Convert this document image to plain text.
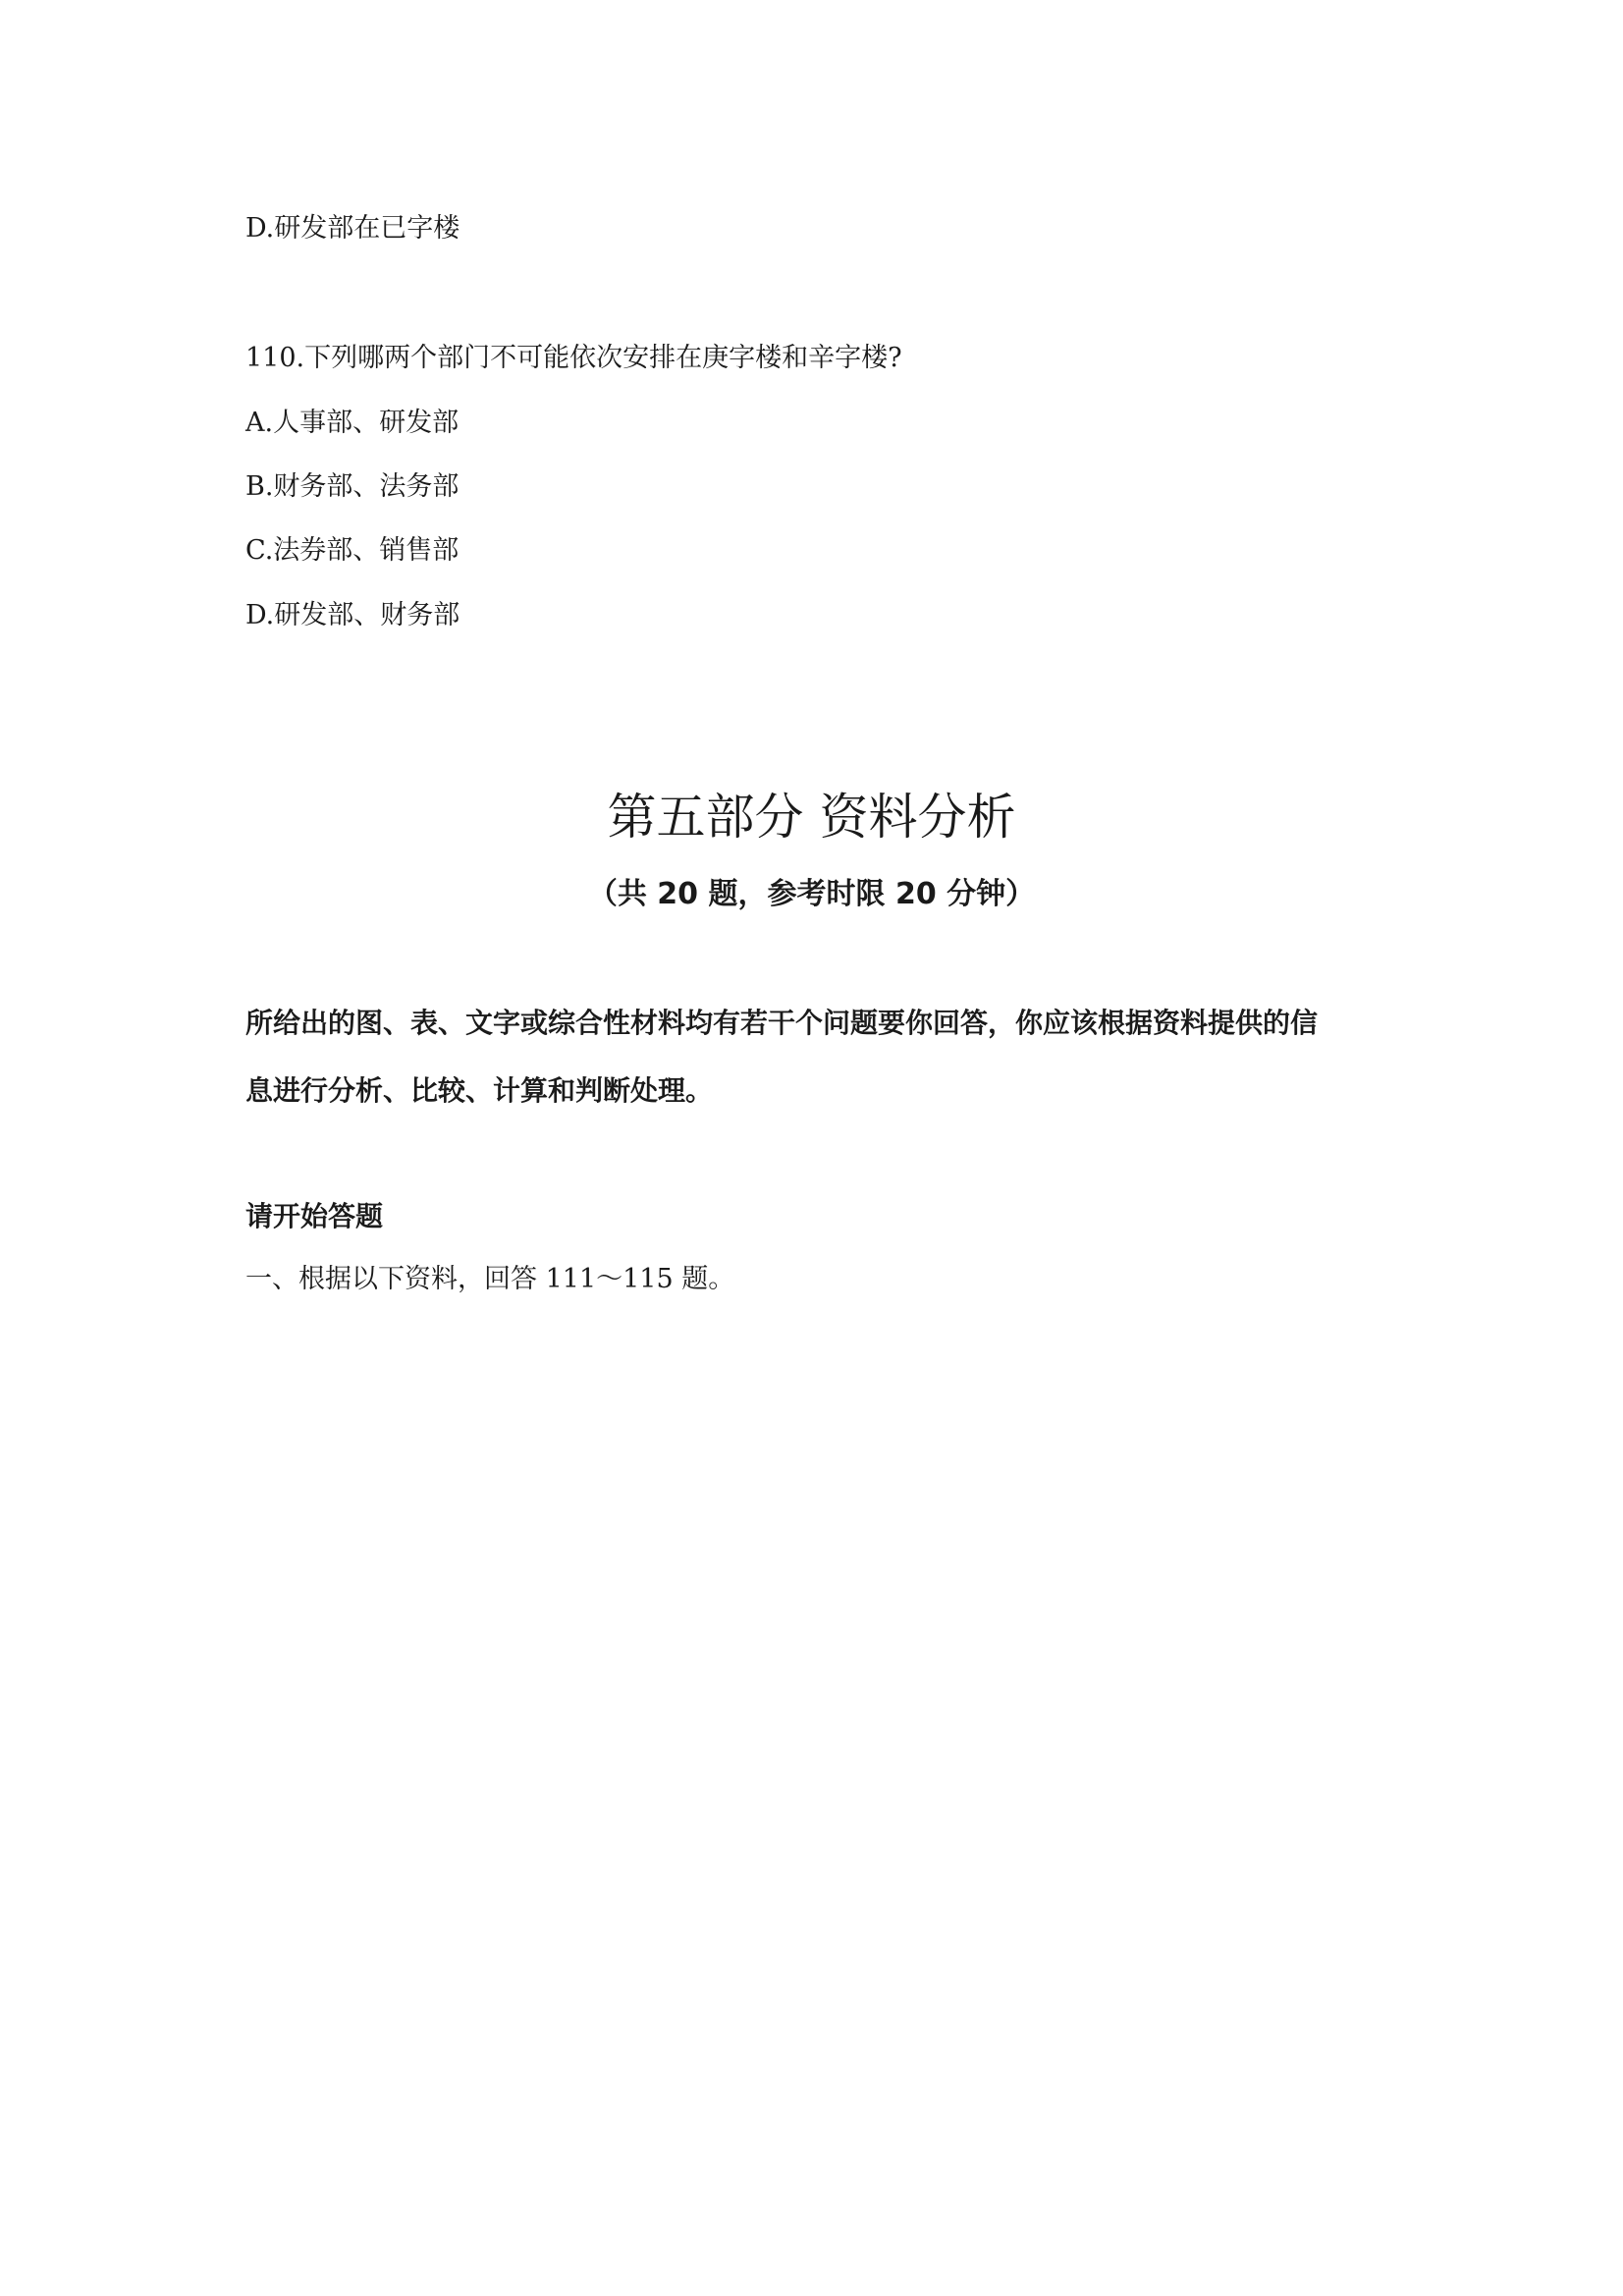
D.研发部在已字楼
110.下列哪两个部门不可能依次安排在庚字楼和辛字楼?
A.人事部、研发部
B.财务部、法务部
C.法券部、销售部
D.研发部、财务部
第五部分 资料分析
（共 20 题，参考时限 20 分钟）
所给出的图、表、文字或综合性材料均有若干个问题要你回答，你应该根据资料提供的信
息进行分析、比较、计算和判断处理。
请开始答题
一、根据以下资料，回答 111～115 题。
